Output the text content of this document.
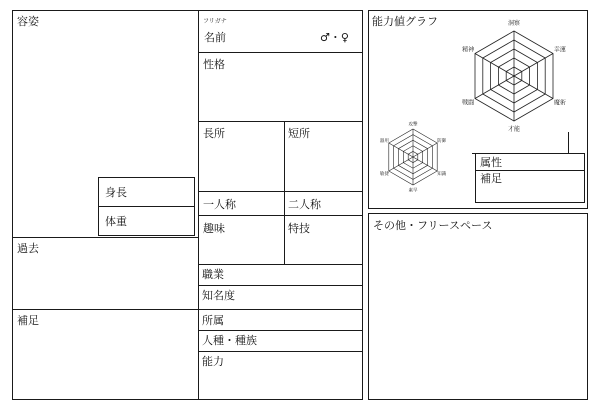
容姿
身長
体重
過去
補足
フリガナ
名前	♂・♀
性格
長所	短所
一人称	二人称
趣味	特技
職業
知名度
所属
人種・種族
能力
能力値グラフ	洞察
幸運
魔術
才能
戦闘
精神
攻撃
防御
知識
素早
敏捷
器用
属性
補足
その他・フリースペース
